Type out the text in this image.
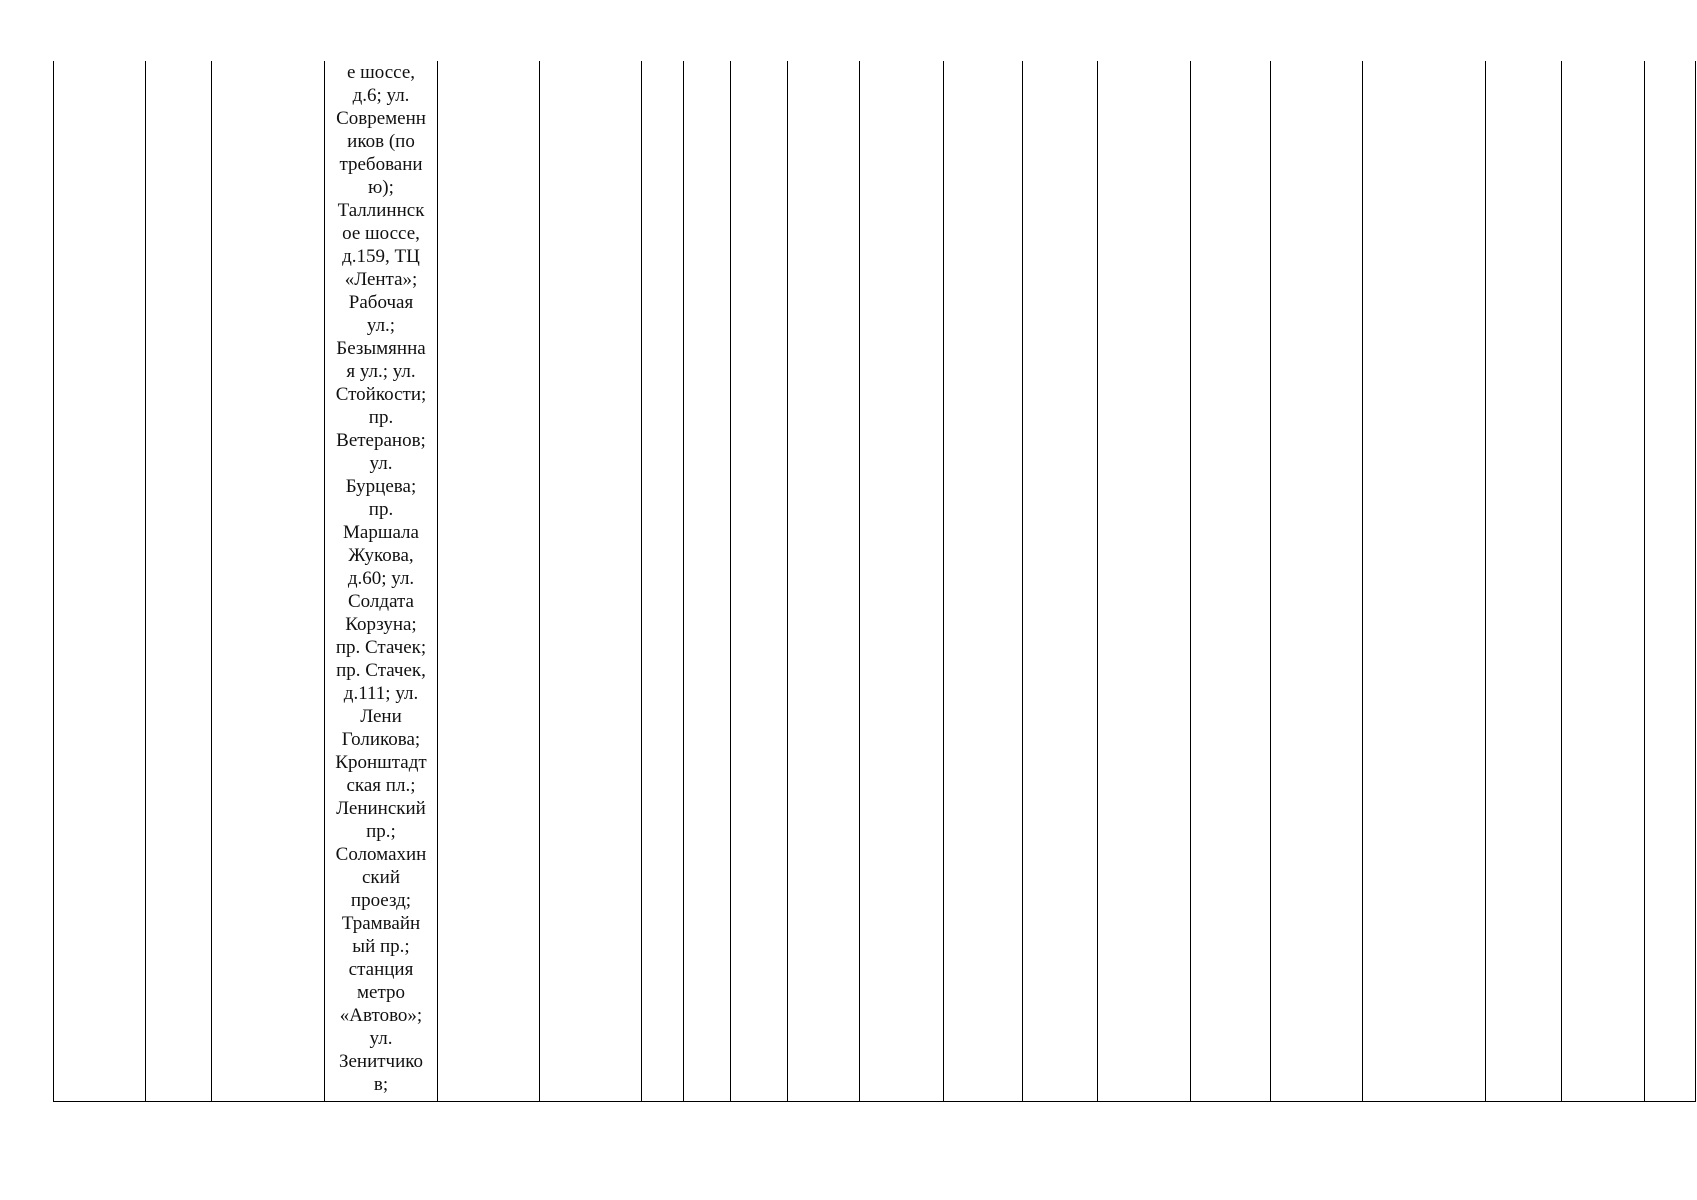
е шоссе,
д.6; ул.
Современн
иков (по
требовани
ю);
Таллиннск
ое шоссе,
д.159, ТЦ
«Лента»;
Рабочая
ул.;
Безымянна
я ул.; ул.
Стойкости;
пр.
Ветеранов;
ул.
Бурцева;
пр.
Маршала
Жукова,
д.60; ул.
Солдата
Корзуна;
пр. Стачек;
пр. Стачек,
д.111; ул.
Лени
Голикова;
Кронштадт
ская пл.;
Ленинский
пр.;
Соломахин
ский
проезд;
Трамвайн
ый пр.;
станция
метро
«Автово»;
ул.
Зенитчико
в;
